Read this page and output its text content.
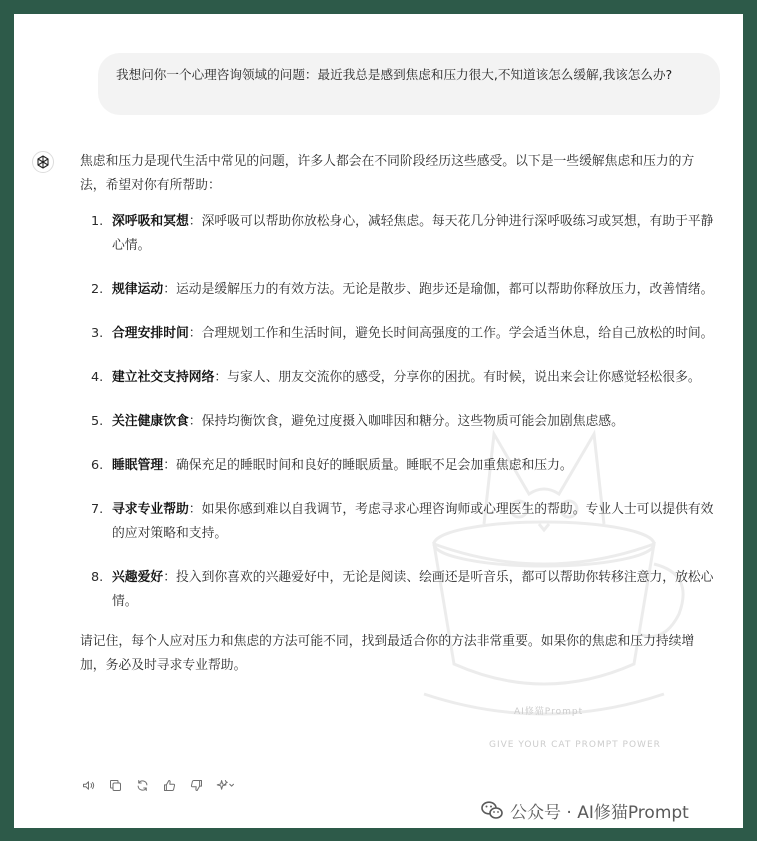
AI修猫Prompt
GIVE YOUR CAT PROMPT POWER
我想问你一个心理咨询领域的问题：最近我总是感到焦虑和压力很大,不知道该怎么缓解,我该怎么办?
焦虑和压力是现代生活中常见的问题，许多人都会在不同阶段经历这些感受。以下是一些缓解焦虑和压力的方法，希望对你有所帮助：
1. 深呼吸和冥想：深呼吸可以帮助你放松身心，减轻焦虑。每天花几分钟进行深呼吸练习或冥想，有助于平静心情。
2. 规律运动：运动是缓解压力的有效方法。无论是散步、跑步还是瑜伽，都可以帮助你释放压力，改善情绪。
3. 合理安排时间：合理规划工作和生活时间，避免长时间高强度的工作。学会适当休息，给自己放松的时间。
4. 建立社交支持网络：与家人、朋友交流你的感受，分享你的困扰。有时候，说出来会让你感觉轻松很多。
5. 关注健康饮食：保持均衡饮食，避免过度摄入咖啡因和糖分。这些物质可能会加剧焦虑感。
6. 睡眠管理：确保充足的睡眠时间和良好的睡眠质量。睡眠不足会加重焦虑和压力。
7. 寻求专业帮助：如果你感到难以自我调节，考虑寻求心理咨询师或心理医生的帮助。专业人士可以提供有效的应对策略和支持。
8. 兴趣爱好：投入到你喜欢的兴趣爱好中，无论是阅读、绘画还是听音乐，都可以帮助你转移注意力，放松心情。
请记住，每个人应对压力和焦虑的方法可能不同，找到最适合你的方法非常重要。如果你的焦虑和压力持续增加，务必及时寻求专业帮助。
公众号 · AI修猫Prompt
